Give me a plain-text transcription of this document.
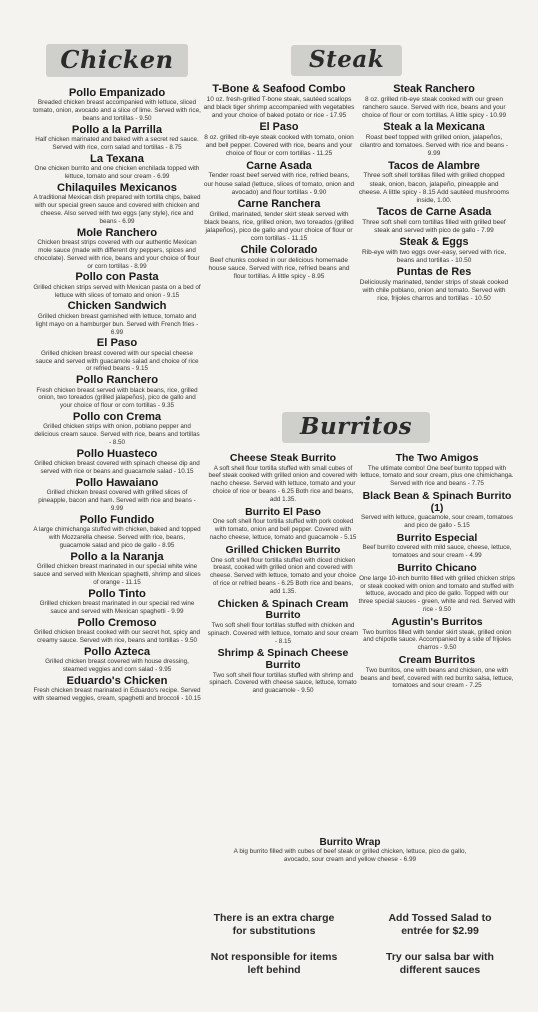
Chicken
Pollo Empanizado
Breaded chicken breast accompanied with lettuce, sliced tomato, onion, avocado and a slice of lime. Served with rice, beans and tortillas - 9.50
Pollo a la Parrilla
Half chicken marinated and baked with a secret red sauce. Served with rice, corn salad and tortillas - 8.75
La Texana
One chicken burrito and one chicken enchilada topped with lettuce, tomato and sour cream - 6.99
Chilaquiles Mexicanos
A traditional Mexican dish prepared with tortilla chips, baked with our special green sauce and covered with chicken and cheese. Also served with two eggs (any style), rice and beans - 6.99
Mole Ranchero
Chicken breast strips covered with our authentic Mexican mole sauce (made with different dry peppers, spices and chocolate). Served with rice, beans and your choice of flour or corn tortillas - 8.99
Pollo con Pasta
Grilled chicken strips served with Mexican pasta on a bed of lettuce with slices of tomato and onion - 9.15
Chicken Sandwich
Grilled chicken breast garnished with lettuce, tomato and light mayo on a hamburger bun. Served with French fries - 6.99
El Paso
Grilled chicken breast covered with our special cheese sauce and served with guacamole salad and choice of rice or refried beans - 9.15
Pollo Ranchero
Fresh chicken breast served with black beans, rice, grilled onion, two toreados (grilled jalapeños), pico de gallo and your choice of flour or corn tortillas - 9.35
Pollo con Crema
Grilled chicken strips with onion, poblano pepper and delicious cream sauce. Served with rice, beans and tortillas - 8.50
Pollo Huasteco
Grilled chicken breast covered with spinach cheese dip and served with rice or beans and guacamole salad - 10.15
Pollo Hawaiano
Grilled chicken breast covered with grilled slices of pineapple, bacon and ham. Served with rice and beans - 9.99
Pollo Fundido
A large chimichanga stuffed with chicken, baked and topped with Mozzarella cheese. Served with rice, beans, guacamole salad and pico de gallo - 8.95
Pollo a la Naranja
Grilled chicken breast marinated in our special white wine sauce and served with Mexican spaghetti, shrimp and slices of orange - 11.15
Pollo Tinto
Grilled chicken breast marinated in our special red wine sauce and served with Mexican spaghetti - 9.99
Pollo Cremoso
Grilled chicken breast cooked with our secret hot, spicy and creamy sauce. Served with rice, beans and tortillas - 9.50
Pollo Azteca
Grilled chicken breast covered with house dressing, steamed veggies and corn salad - 9.95
Eduardo's Chicken
Fresh chicken breast marinated in Eduardo's recipe. Served with steamed veggies, cream, spaghetti and broccoli - 10.15
Steak
T-Bone & Seafood Combo
10 oz. fresh-grilled T-bone steak, sautéed scallops and black tiger shrimp accompanied with vegetables and your choice of baked potato or rice - 17.95
El Paso
8 oz. grilled rib-eye steak cooked with tomato, onion and bell pepper. Covered with rice, beans and your choice of flour or corn tortillas - 11.25
Carne Asada
Tender roast beef served with rice, refried beans, our house salad (lettuce, slices of tomato, onion and avocado) and flour tortillas - 9.90
Carne Ranchera
Grilled, marinated, tender skirt steak served with black beans, rice, grilled onion, two toreados (grilled jalapeños), pico de gallo and your choice of flour or corn tortillas - 11.15
Chile Colorado
Beef chunks cooked in our delicious homemade house sauce. Served with rice, refried beans and flour tortillas. A little spicy - 8.95
Steak Ranchero
8 oz. grilled rib-eye steak cooked with our green ranchero sauce. Served with rice, beans and your choice of flour or corn tortillas. A little spicy - 10.99
Steak a la Mexicana
Roast beef topped with grilled onion, jalapeños, cilantro and tomatoes. Served with rice and beans - 9.99
Tacos de Alambre
Three soft shell tortillas filled with grilled chopped steak, onion, bacon, jalapeño, pineapple and cheese. A little spicy - 8.15 Add sautéed mushrooms inside, 1.00.
Tacos de Carne Asada
Three soft shell corn tortillas filled with grilled beef steak and served with pico de gallo - 7.99
Steak & Eggs
Rib-eye with two eggs over-easy, served with rice, beans and tortillas - 10.50
Puntas de Res
Deliciously marinated, tender strips of steak cooked with chile poblano, onion and tomato. Served with rice, frijoles charros and tortillas - 10.50
Burritos
Cheese Steak Burrito
A soft shell flour tortilla stuffed with small cubes of beef steak cooked with grilled onion and covered with nacho cheese. Served with lettuce, tomato and your choice of rice or beans - 6.25 Both rice and beans, add 1.35.
Burrito El Paso
One soft shell flour tortilla stuffed with pork cooked with tomato, onion and bell pepper. Covered with nacho cheese, lettuce, tomato and guacamole - 5.15
Grilled Chicken Burrito
One soft shell flour tortilla stuffed with diced chicken breast, cooked with grilled onion and covered with cheese. Served with lettuce, tomato and your choice of rice or refried beans - 6.25 Both rice and beans, add 1.35.
Chicken & Spinach Cream Burrito
Two soft shell flour tortillas stuffed with chicken and spinach. Covered with lettuce, tomato and sour cream - 8.15
Shrimp & Spinach Cheese Burrito
Two soft shell flour tortillas stuffed with shrimp and spinach. Covered with cheese sauce, lettuce, tomato and guacamole - 9.50
The Two Amigos
The ultimate combo! One beef burrito topped with lettuce, tomato and sour cream, plus one chimichanga. Served with rice and beans - 7.75
Black Bean & Spinach Burrito (1)
Served with lettuce, guacamole, sour cream, tomatoes and pico de gallo - 5.15
Burrito Especial
Beef burrito covered with mild sauce, cheese, lettuce, tomatoes and sour cream - 4.99
Burrito Chicano
One large 10-inch burrito filled with grilled chicken strips or steak cooked with onion and tomato and stuffed with lettuce, avocado and pico de gallo. Topped with our three special sauces - green, white and red. Served with rice - 9.50
Agustin's Burritos
Two burritos filled with tender skirt steak, grilled onion and chipotle sauce. Accompanied by a side of frijoles charros - 9.50
Cream Burritos
Two burritos, one with beans and chicken, one with beans and beef, covered with red burrito salsa, lettuce, tomatoes and sour cream - 7.25
Burrito Wrap
A big burrito filled with cubes of beef steak or grilled chicken, lettuce, pico de gallo, avocado, sour cream and yellow cheese - 6.99
There is an extra charge for substitutions
Add Tossed Salad to entrée for $2.99
Not responsible for items left behind
Try our salsa bar with different sauces
